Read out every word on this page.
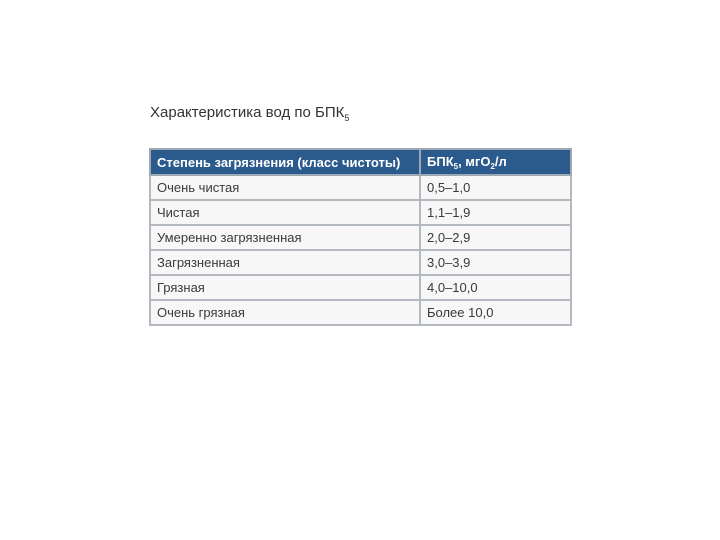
Характеристика вод по $БПК_5$
Степень загрязнения (класс чистоты)	$БПК_5$, мгO$_2$/л
Очень чистая	0,5–1,0
Чистая	1,1–1,9
Умеренно загрязненная	2,0–2,9
Загрязненная	3,0–3,9
Грязная	4,0–10,0
Очень грязная	Более 10,0
